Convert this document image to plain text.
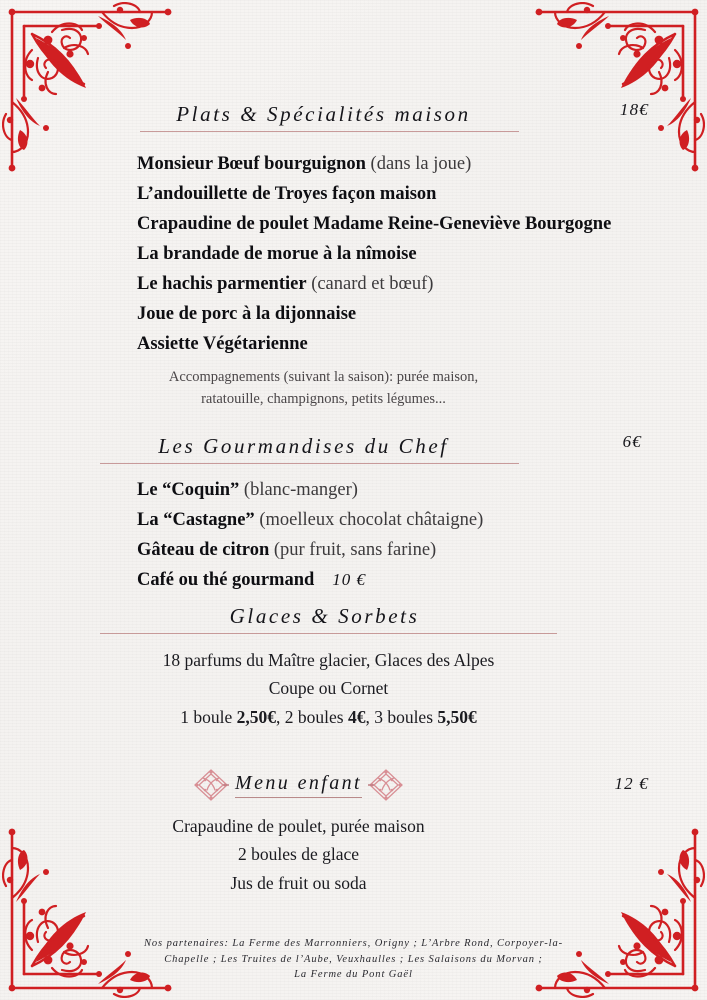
Plats & Spécialités maison	18€
Monsieur Bœuf bourguignon (dans la joue)
L’andouillette de Troyes façon maison
Crapaudine de poulet Madame Reine-Geneviève Bourgogne
La brandade de morue à la nîmoise
Le hachis parmentier (canard et bœuf)
Joue de porc à la dijonnaise
Assiette Végétarienne
Accompagnements (suivant la saison): purée maison,
ratatouille, champignons, petits légumes...
Les Gourmandises du Chef	6€
Le “Coquin” (blanc-manger)
La “Castagne” (moelleux chocolat châtaigne)
Gâteau de citron (pur fruit, sans farine)
Café ou thé gourmand 10 €
Glaces & Sorbets
18 parfums du Maître glacier, Glaces des Alpes
Coupe ou Cornet
1 boule 2,50€, 2 boules 4€, 3 boules 5,50€
Menu enfant	12 €
Crapaudine de poulet, purée maison
2 boules de glace
Jus de fruit ou soda
Nos partenaires: La Ferme des Marronniers, Origny ; L’Arbre Rond, Corpoyer-la-
Chapelle ; Les Truites de l’Aube, Veuxhaulles ; Les Salaisons du Morvan ;
La Ferme du Pont Gaël
